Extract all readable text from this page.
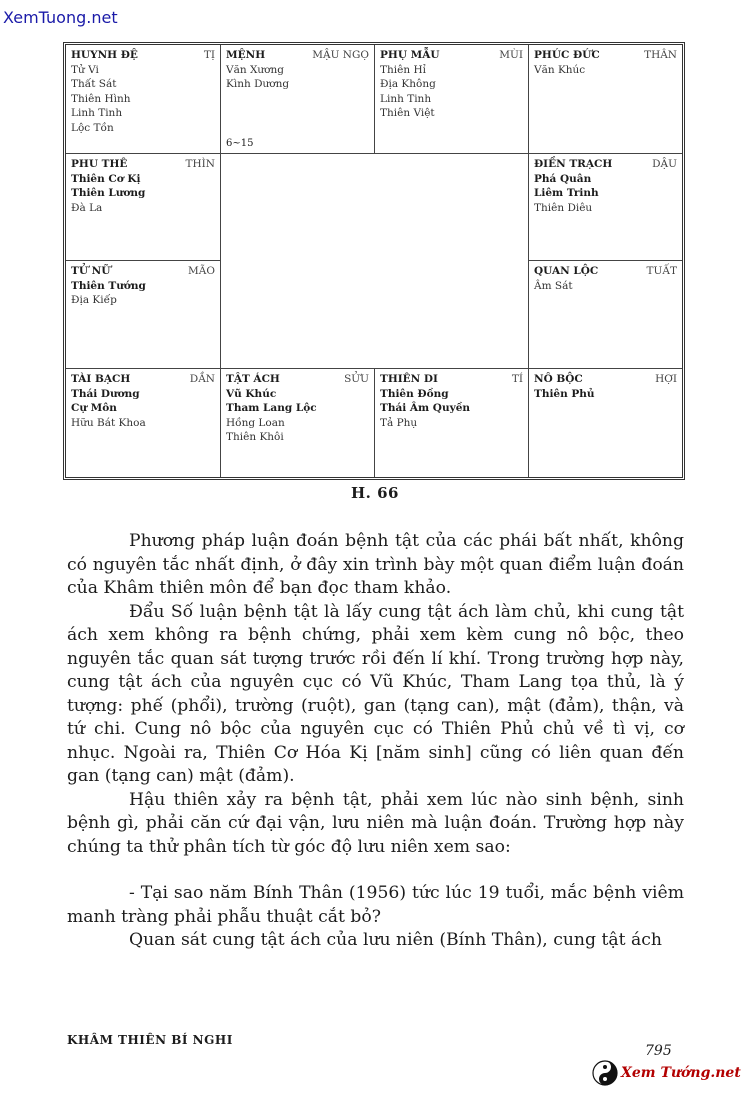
XemTuong.net
HUYNH ĐỆ	TỊ
Tử Vi
Thất Sát
Thiên Hình
Linh Tinh
Lộc Tồn
MỆNH	MẬU NGỌ
Văn Xương
Kình Dương
6~15
PHỤ MẪU	MÙI
Thiên Hỉ
Địa Không
Linh Tinh
Thiên Việt
PHÚC ĐỨC	THÂN
Văn Khúc
PHU THÊ	THÌN
Thiên Cơ Kị
Thiên Lương
Đà La
ĐIỀN TRẠCH	DẬU
Phá Quân
Liêm Trinh
Thiên Diêu
TỬ NỮ	MÃO
Thiên Tướng
Địa Kiếp
QUAN LỘC	TUẤT
Âm Sát
TÀI BẠCH	DẦN
Thái Dương
Cự Môn
Hữu Bát Khoa
TẬT ÁCH	SỬU
Vũ Khúc
Tham Lang Lộc
Hồng Loan
Thiên Khôi
THIÊN DI	TÍ
Thiên Đồng
Thái Âm Quyền
Tả Phụ
NÔ BỘC	HỢI
Thiên Phủ
H. 66

Phương pháp luận đoán bệnh tật của các phái bất nhất, không có nguyên tắc nhất định, ở đây xin trình bày một quan điểm luận đoán của Khâm thiên môn để bạn đọc tham khảo.

Đẩu Số luận bệnh tật là lấy cung tật ách làm chủ, khi cung tật ách xem không ra bệnh chứng, phải xem kèm cung nô bộc, theo nguyên tắc quan sát tượng trước rồi đến lí khí. Trong trường hợp này, cung tật ách của nguyên cục có Vũ Khúc, Tham Lang tọa thủ, là ý tượng: phế (phổi), trường (ruột), gan (tạng can), mật (đảm), thận, và tứ chi. Cung nô bộc của nguyên cục có Thiên Phủ chủ về tì vị, cơ nhục. Ngoài ra, Thiên Cơ Hóa Kị [năm sinh] cũng có liên quan đến gan (tạng can) mật (đảm).

Hậu thiên xảy ra bệnh tật, phải xem lúc nào sinh bệnh, sinh bệnh gì, phải căn cứ đại vận, lưu niên mà luận đoán. Trường hợp này chúng ta thử phân tích từ góc độ lưu niên xem sao:

- Tại sao năm Bính Thân (1956) tức lúc 19 tuổi, mắc bệnh viêm manh tràng phải phẫu thuật cắt bỏ?

Quan sát cung tật ách của lưu niên (Bính Thân), cung tật ách

KHÂM THIÊN BÍ NGHI
795
Xem Tướng.net
